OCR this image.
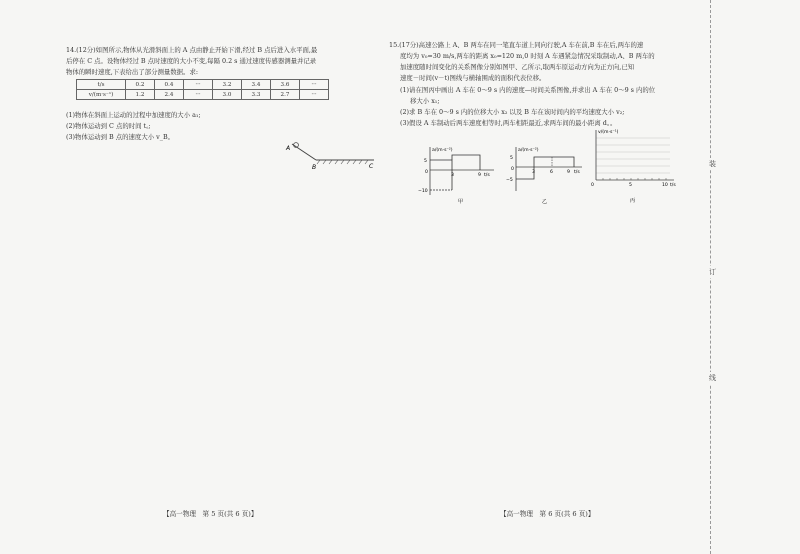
14.(12分)如图所示,物体从光滑斜面上的 A 点由静止开始下滑,经过 B 点后进入水平面,最
后停在 C 点。设物体经过 B 点时速度的大小不变,每隔 0.2 s 通过速度传感器测量并记录
物体的瞬时速度,下表给出了部分测量数据。求:
t/s	0.2	0.4	···	3.2	3.4	3.6	···
v/(m·s⁻¹)	1.2	2.4	···	3.0	3.3	2.7	···
(1)物体在斜面上运动的过程中加速度的大小 a₁;
(2)物体运动到 C 点的时间 t꜀;
(3)物体运动到 B 点的速度大小 v_B。
A
B	C
15.(17分)高速公路上 A、B 两车在同一笔直车道上同向行驶,A 车在前,B 车在后,两车的速
度均为 v₀=30 m/s,两车的距离 x₀=120 m,0 时刻 A 车遇紧急情况采取制动,A、B 两车的
加速度随时间变化的关系图像分别如图甲、乙所示,取两车原运动方向为正方向,已知
速度－时间(v－t)图线与横轴围成的面积代表位移。
(1)请在图丙中画出 A 车在 0～9 s 内的速度—时间关系图像,并求出 A 车在 0～9 s 内的位
移大小 x₁;
(2)求 B 车在 0～9 s 内的位移大小 x₂ 以及 B 车在该时间内的平均速度大小 v₂;
(3)假设 A 车制动后两车速度相等时,两车相距最近,求两车间的最小距离 d。。
a/(m·s⁻²)
5
0
−10
3	9 t/s
甲
a/(m·s⁻²)
5
0
−5
3	6	9 t/s
乙
v/(m·s⁻¹)
0	5	10 t/s
丙
装
订
线
【高一物理　第 5 页(共 6 页)】	【高一物理　第 6 页(共 6 页)】
